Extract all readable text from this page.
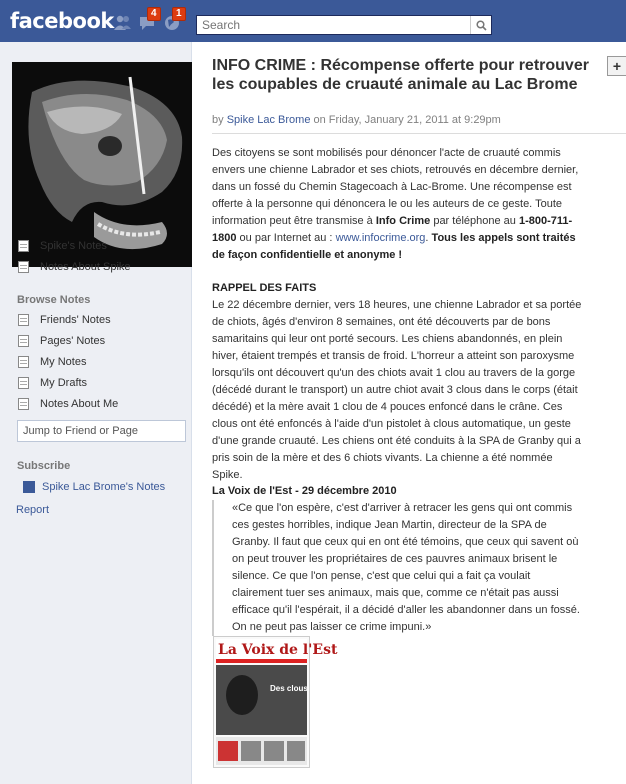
facebook	4	1
Search
Spike's Notes
Notes About Spike
Browse Notes
Friends' Notes
Pages' Notes
My Notes
My Drafts
Notes About Me
Jump to Friend or Page
Subscribe
Spike Lac Brome's Notes
Report
INFO CRIME : Récompense offerte pour retrouver les coupables de cruauté animale au Lac Brome
by Spike Lac Brome on Friday, January 21, 2011 at 9:29pm
Des citoyens se sont mobilisés pour dénoncer l'acte de cruauté commis envers une chienne Labrador et ses chiots, retrouvés en décembre dernier, dans un fossé du Chemin Stagecoach à Lac-Brome. Une récompense est offerte à la personne qui dénoncera le ou les auteurs de ce geste. Toute information peut être transmise à Info Crime par téléphone au 1-800-711-1800 ou par Internet au : www.infocrime.org. Tous les appels sont traités de façon confidentielle et anonyme !
RAPPEL DES FAITS
Le 22 décembre dernier, vers 18 heures, une chienne Labrador et sa portée de chiots, âgés d'environ 8 semaines, ont été découverts par de bons samaritains qui leur ont porté secours. Les chiens abandonnés, en plein hiver, étaient trempés et transis de froid. L'horreur a atteint son paroxysme lorsqu'ils ont découvert qu'un des chiots avait 1 clou au travers de la gorge (décédé durant le transport) un autre chiot avait 3 clous dans le corps (était décédé) et la mère avait 1 clou de 4 pouces enfoncé dans le crâne. Ces clous ont été enfoncés à l'aide d'un pistolet à clous automatique, un geste d'une grande cruauté. Les chiens ont été conduits à la SPA de Granby qui a pris soin de la mère et des 6 chiots vivants. La chienne a été nommée Spike.
La Voix de l'Est - 29 décembre 2010
«Ce que l'on espère, c'est d'arriver à retracer les gens qui ont commis ces gestes horribles, indique Jean Martin, directeur de la SPA de Granby. Il faut que ceux qui en ont été témoins, que ceux qui savent où on peut trouver les propriétaires de ces pauvres animaux brisent le silence. Ce que l'on pense, c'est que celui qui a fait ça voulait clairement tuer ses animaux, mais que, comme ce n'était pas aussi efficace qu'il l'espérait, il a décidé d'aller les abandonner dans un fossé. On ne peut pas laisser ce crime impuni.»
+
La Voix de l'Est
Des clous dans la tête
